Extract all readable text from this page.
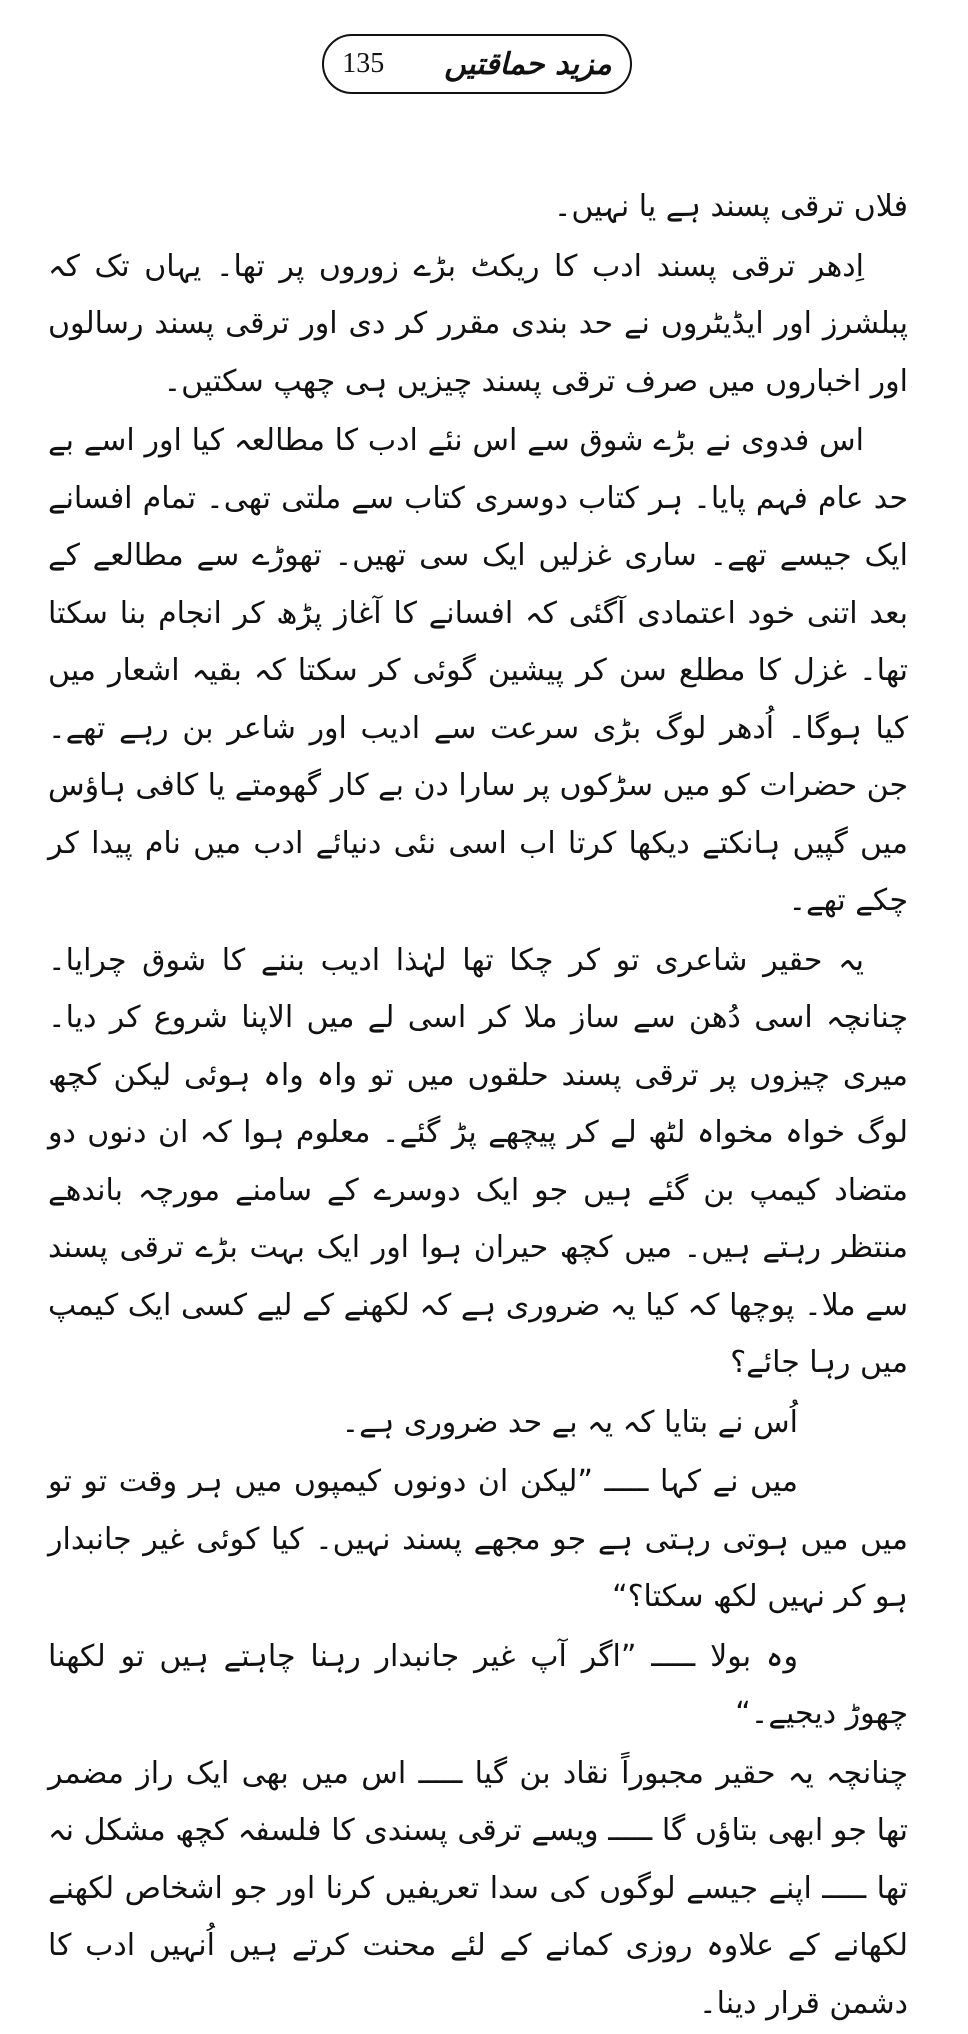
مزید حماقتیں
135

فلاں ترقی پسند ہے یا نہیں۔

اِدھر ترقی پسند ادب کا ریکٹ بڑے زوروں پر تھا۔ یہاں تک کہ پبلشرز اور ایڈیٹروں نے حد بندی مقرر کر دی اور ترقی پسند رسالوں اور اخباروں میں صرف ترقی پسند چیزیں ہی چھپ سکتیں۔

اس فدوی نے بڑے شوق سے اس نئے ادب کا مطالعہ کیا اور اسے بے حد عام فہم پایا۔ ہر کتاب دوسری کتاب سے ملتی تھی۔ تمام افسانے ایک جیسے تھے۔ ساری غزلیں ایک سی تھیں۔ تھوڑے سے مطالعے کے بعد اتنی خود اعتمادی آگئی کہ افسانے کا آغاز پڑھ کر انجام بنا سکتا تھا۔ غزل کا مطلع سن کر پیشین گوئی کر سکتا کہ بقیہ اشعار میں کیا ہوگا۔ اُدھر لوگ بڑی سرعت سے ادیب اور شاعر بن رہے تھے۔ جن حضرات کو میں سڑکوں پر سارا دن بے کار گھومتے یا کافی ہاؤس میں گپیں ہانکتے دیکھا کرتا اب اسی نئی دنیائے ادب میں نام پیدا کر چکے تھے۔

یہ حقیر شاعری تو کر چکا تھا لہٰذا ادیب بننے کا شوق چرایا۔ چنانچہ اسی دُھن سے ساز ملا کر اسی لے میں الاپنا شروع کر دیا۔ میری چیزوں پر ترقی پسند حلقوں میں تو واہ واہ ہوئی لیکن کچھ لوگ خواہ مخواہ لٹھ لے کر پیچھے پڑ گئے۔ معلوم ہوا کہ ان دنوں دو متضاد کیمپ بن گئے ہیں جو ایک دوسرے کے سامنے مورچہ باندھے منتظر رہتے ہیں۔ میں کچھ حیران ہوا اور ایک بہت بڑے ترقی پسند سے ملا۔ پوچھا کہ کیا یہ ضروری ہے کہ لکھنے کے لیے کسی ایک کیمپ میں رہا جائے؟

اُس نے بتایا کہ یہ بے حد ضروری ہے۔

میں نے کہا ـــــ ”لیکن ان دونوں کیمپوں میں ہر وقت تو تو میں میں ہوتی رہتی ہے جو مجھے پسند نہیں۔ کیا کوئی غیر جانبدار ہو کر نہیں لکھ سکتا؟“

وہ بولا ـــــ ”اگر آپ غیر جانبدار رہنا چاہتے ہیں تو لکھنا چھوڑ دیجیے۔“

چنانچہ یہ حقیر مجبوراً نقاد بن گیا ـــــ اس میں بھی ایک راز مضمر تھا جو ابھی بتاؤں گا ـــــ ویسے ترقی پسندی کا فلسفہ کچھ مشکل نہ تھا ـــــ اپنے جیسے لوگوں کی سدا تعریفیں کرنا اور جو اشخاص لکھنے لکھانے کے علاوہ روزی کمانے کے لئے محنت کرتے ہیں اُنہیں ادب کا دشمن قرار دینا۔
